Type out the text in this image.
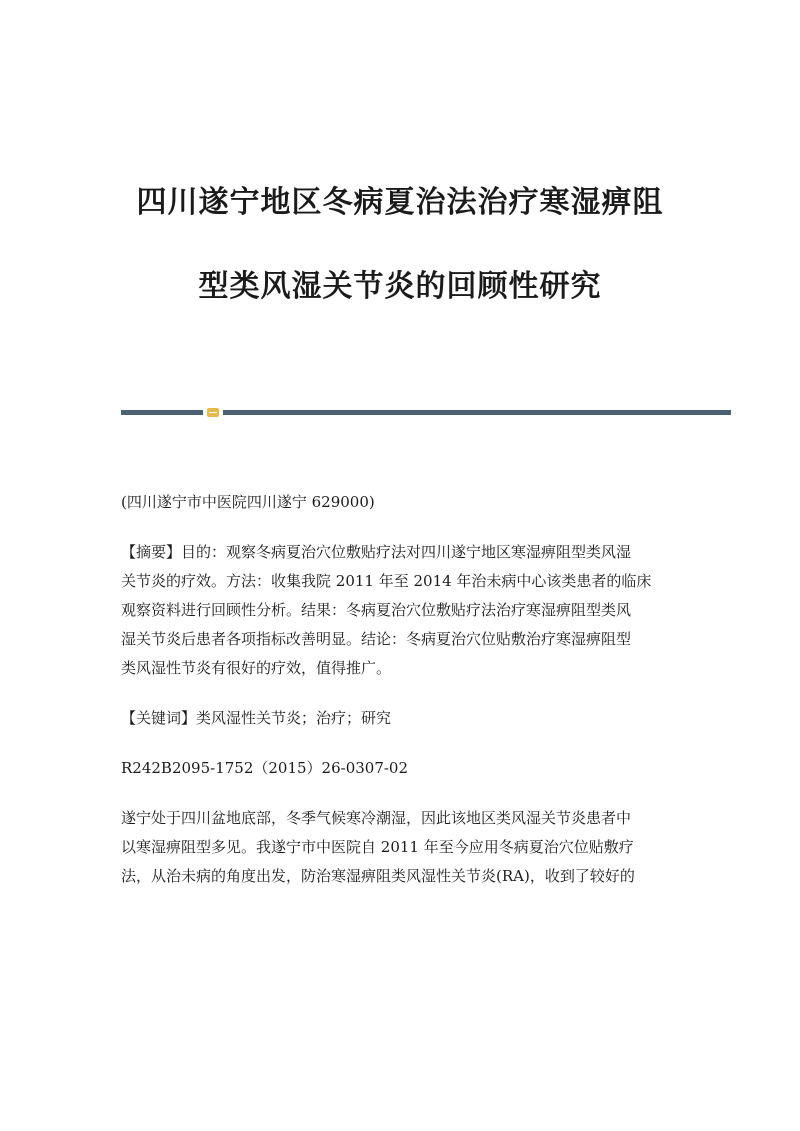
四川遂宁地区冬病夏治法治疗寒湿痹阻

型类风湿关节炎的回顾性研究

(四川遂宁市中医院四川遂宁 629000)

【摘要】目的：观察冬病夏治穴位敷贴疗法对四川遂宁地区寒湿痹阻型类风湿

关节炎的疗效。方法：收集我院 2011 年至 2014 年治未病中心该类患者的临床

观察资料进行回顾性分析。结果：冬病夏治穴位敷贴疗法治疗寒湿痹阻型类风

湿关节炎后患者各项指标改善明显。结论：冬病夏治穴位贴敷治疗寒湿痹阻型

类风湿性节炎有很好的疗效，值得推广。

【关键词】类风湿性关节炎；治疗；研究

R242B2095-1752（2015）26-0307-02

遂宁处于四川盆地底部，冬季气候寒冷潮湿，因此该地区类风湿关节炎患者中

以寒湿痹阻型多见。我遂宁市中医院自 2011 年至今应用冬病夏治穴位贴敷疗

法，从治未病的角度出发，防治寒湿痹阻类风湿性关节炎(RA)，收到了较好的
